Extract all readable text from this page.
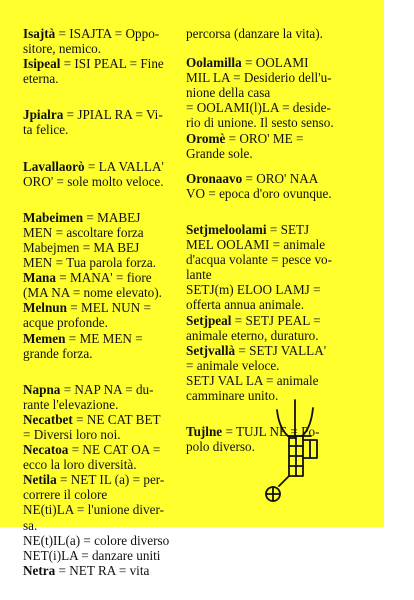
Isajtà = ISAJTA = Oppo-
sitore, nemico.

Isipeal = ISI PEAL = Fine
eterna.

Jpialra = JPIAL RA = Vi-
ta felice.

Lavallaorò = LA VALLA'
ORO' = sole molto veloce.

Mabeimen = MABEJ
MEN = ascoltare forza

Mabejmen = MA BEJ
MEN = Tua parola forza.

Mana = MANA' = fiore
(MA NA = nome elevato).

Melnun = MEL NUN =
acque profonde.

Memen = ME MEN =
grande forza.

Napna = NAP NA = du-
rante l'elevazione.

Necatbet = NE CAT BET
= Diversi loro noi.

Necatoa = NE CAT OA =
ecco la loro diversità.

Netila = NET IL (a) = per-
correre il colore

NE(ti)LA = l'unione diver-
sa.

NE(t)IL(a) = colore diverso
NET(i)LA = danzare uniti

Netra = NET RA = vita

percorsa (danzare la vita).

Oolamilla = OOLAMI
MIL LA = Desiderio dell'u-
nione della casa

= OOLAMI(l)LA = deside-
rio di unione. Il sesto senso.

Oromè = ORO' ME =
Grande sole.

Oronaavo = ORO' NAA
VO = epoca d'oro ovunque.

Setjmeloolami = SETJ
MEL OOLAMI = animale
d'acqua volante = pesce vo-
lante

SETJ(m) ELOO LAMJ =
offerta annua animale.

Setjpeal = SETJ PEAL =
animale eterno, duraturo.

Setjvallà = SETJ VALLA'
= animale veloce.

SETJ VAL LA = animale
camminare unito.

Tujlne = TUJL NE = Po-
polo diverso.
